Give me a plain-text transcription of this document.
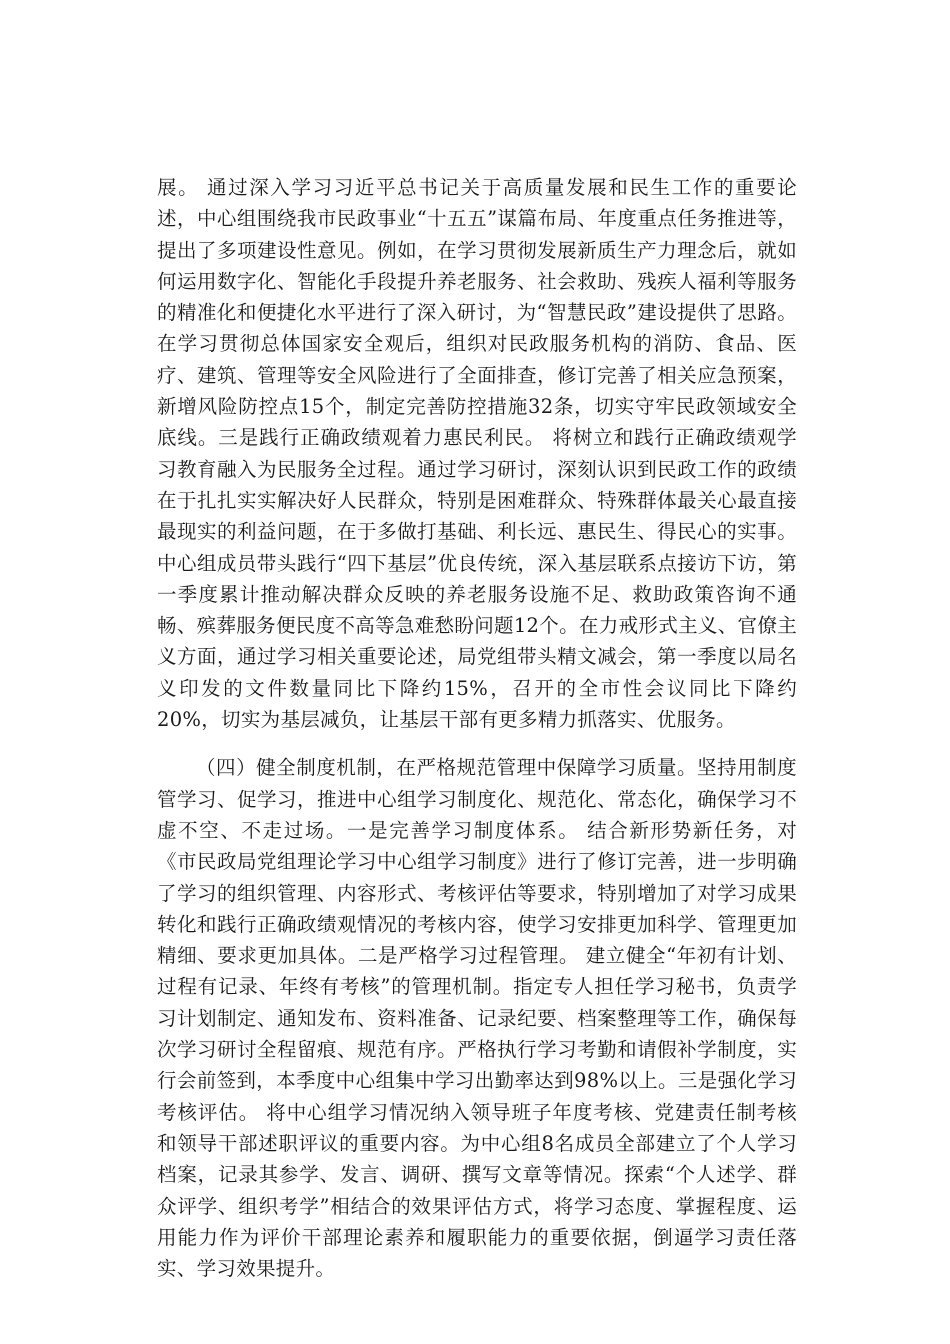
展。 通过深入学习习近平总书记关于高质量发展和民生工作的重要论述，中心组围绕我市民政事业“十五五”谋篇布局、年度重点任务推进等，提出了多项建设性意见。例如，在学习贯彻发展新质生产力理念后，就如何运用数字化、智能化手段提升养老服务、社会救助、残疾人福利等服务的精准化和便捷化水平进行了深入研讨，为“智慧民政”建设提供了思路。在学习贯彻总体国家安全观后，组织对民政服务机构的消防、食品、医疗、建筑、管理等安全风险进行了全面排查，修订完善了相关应急预案，新增风险防控点15个，制定完善防控措施32条，切实守牢民政领域安全底线。三是践行正确政绩观着力惠民利民。 将树立和践行正确政绩观学习教育融入为民服务全过程。通过学习研讨，深刻认识到民政工作的政绩在于扎扎实实解决好人民群众，特别是困难群众、特殊群体最关心最直接最现实的利益问题，在于多做打基础、利长远、惠民生、得民心的实事。中心组成员带头践行“四下基层”优良传统，深入基层联系点接访下访，第一季度累计推动解决群众反映的养老服务设施不足、救助政策咨询不通畅、殡葬服务便民度不高等急难愁盼问题12个。在力戒形式主义、官僚主义方面，通过学习相关重要论述，局党组带头精文减会，第一季度以局名义印发的文件数量同比下降约15%，召开的全市性会议同比下降约20%，切实为基层减负，让基层干部有更多精力抓落实、优服务。

（四）健全制度机制，在严格规范管理中保障学习质量。坚持用制度管学习、促学习，推进中心组学习制度化、规范化、常态化，确保学习不虚不空、不走过场。一是完善学习制度体系。 结合新形势新任务，对《市民政局党组理论学习中心组学习制度》进行了修订完善，进一步明确了学习的组织管理、内容形式、考核评估等要求，特别增加了对学习成果转化和践行正确政绩观情况的考核内容，使学习安排更加科学、管理更加精细、要求更加具体。二是严格学习过程管理。 建立健全“年初有计划、过程有记录、年终有考核”的管理机制。指定专人担任学习秘书，负责学习计划制定、通知发布、资料准备、记录纪要、档案整理等工作，确保每次学习研讨全程留痕、规范有序。严格执行学习考勤和请假补学制度，实行会前签到，本季度中心组集中学习出勤率达到98%以上。三是强化学习考核评估。 将中心组学习情况纳入领导班子年度考核、党建责任制考核和领导干部述职评议的重要内容。为中心组8名成员全部建立了个人学习档案，记录其参学、发言、调研、撰写文章等情况。探索“个人述学、群众评学、组织考学”相结合的效果评估方式，将学习态度、掌握程度、运用能力作为评价干部理论素养和履职能力的重要依据，倒逼学习责任落实、学习效果提升。
